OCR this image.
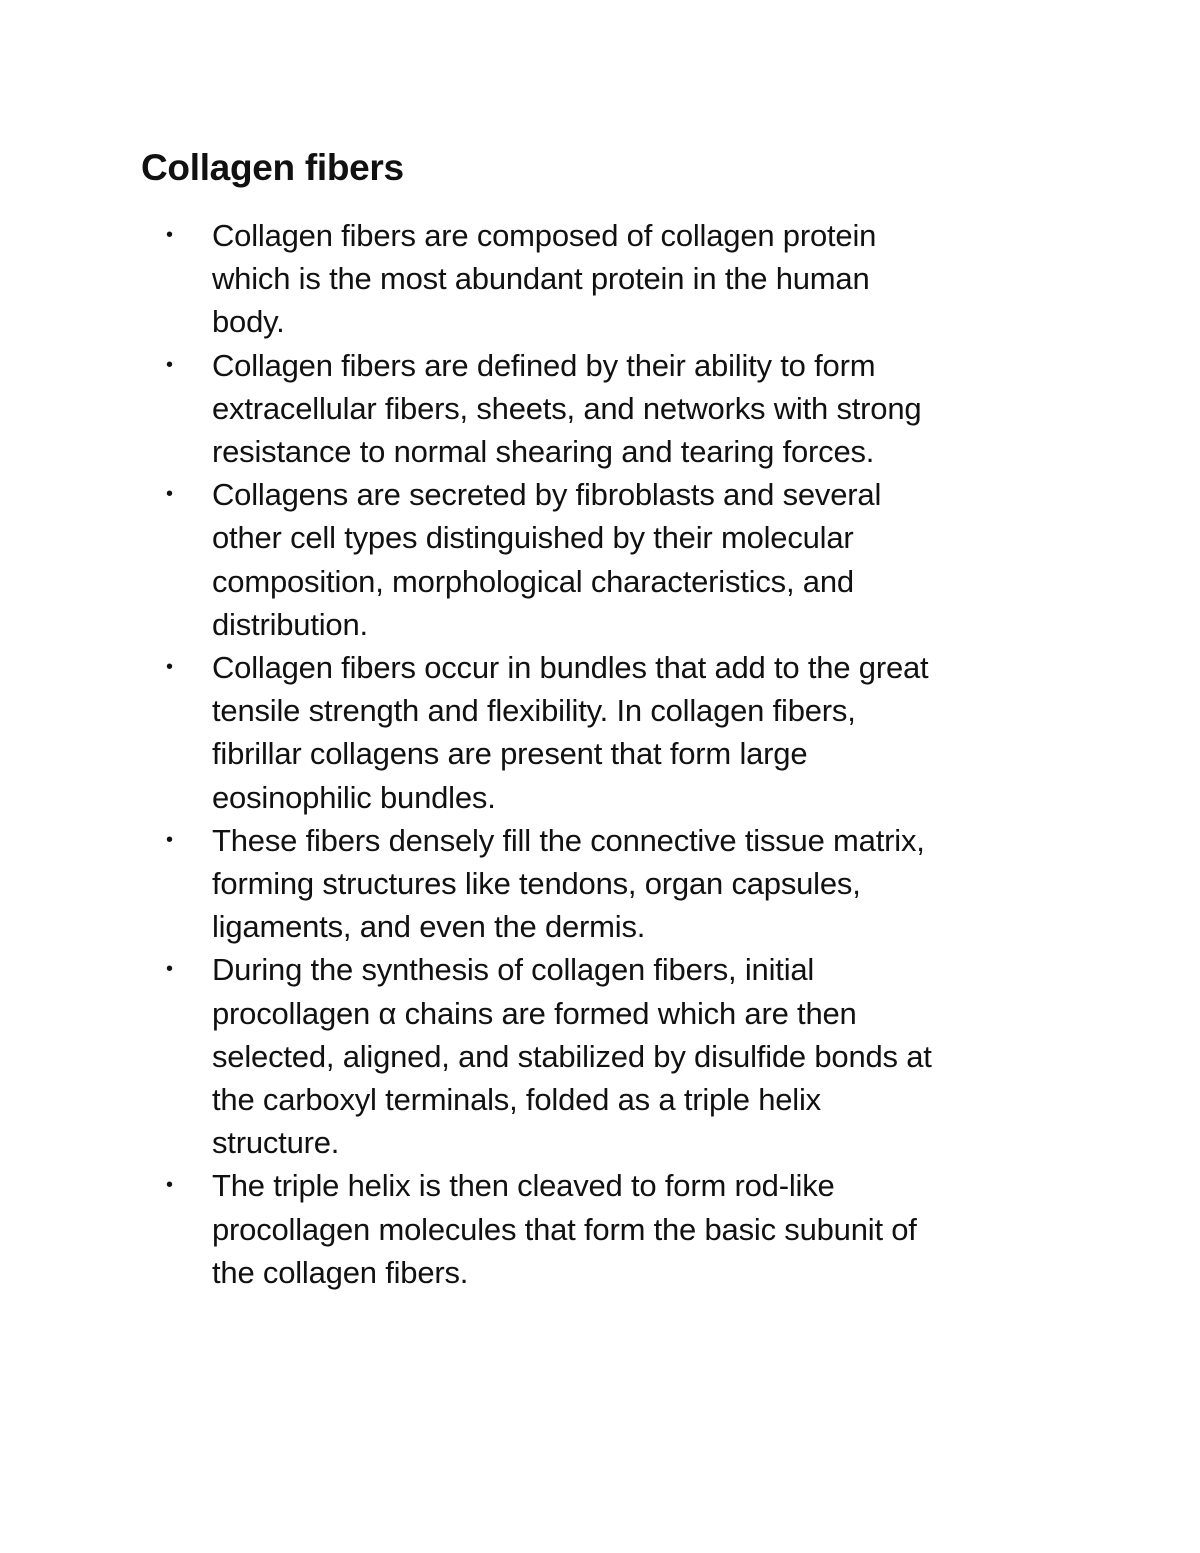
Collagen fibers
•	Collagen fibers are composed of collagen protein
which is the most abundant protein in the human
body.
•	Collagen fibers are defined by their ability to form
extracellular fibers, sheets, and networks with strong
resistance to normal shearing and tearing forces.
•	Collagens are secreted by fibroblasts and several
other cell types distinguished by their molecular
composition, morphological characteristics, and
distribution.
•	Collagen fibers occur in bundles that add to the great
tensile strength and flexibility. In collagen fibers,
fibrillar collagens are present that form large
eosinophilic bundles.
•	These fibers densely fill the connective tissue matrix,
forming structures like tendons, organ capsules,
ligaments, and even the dermis.
•	During the synthesis of collagen fibers, initial
procollagen α chains are formed which are then
selected, aligned, and stabilized by disulfide bonds at
the carboxyl terminals, folded as a triple helix
structure.
•	The triple helix is then cleaved to form rod-like
procollagen molecules that form the basic subunit of
the collagen fibers.
